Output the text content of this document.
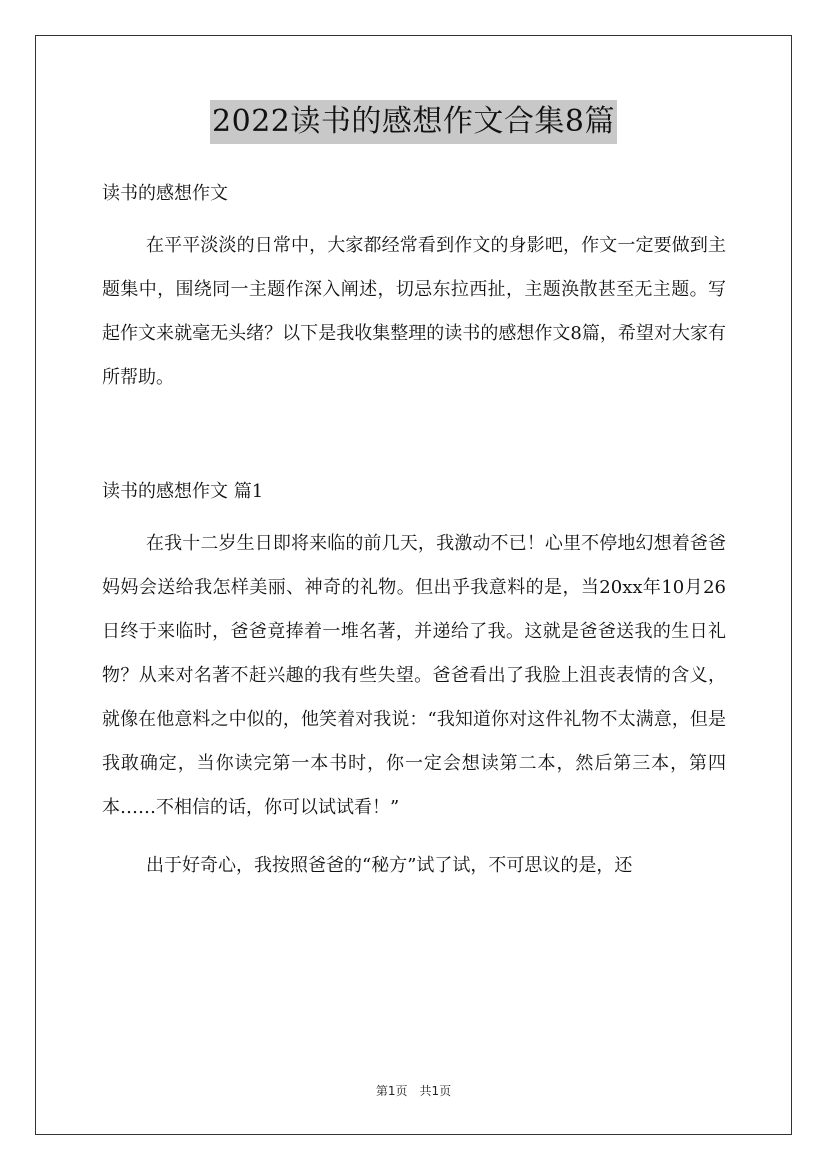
2022读书的感想作文合集8篇

读书的感想作文

在平平淡淡的日常中，大家都经常看到作文的身影吧，作文一定要做到主题集中，围绕同一主题作深入阐述，切忌东拉西扯，主题涣散甚至无主题。写起作文来就毫无头绪？以下是我收集整理的读书的感想作文8篇，希望对大家有所帮助。

读书的感想作文 篇1

在我十二岁生日即将来临的前几天，我激动不已！心里不停地幻想着爸爸妈妈会送给我怎样美丽、神奇的礼物。但出乎我意料的是，当20xx年10月26日终于来临时，爸爸竟捧着一堆名著，并递给了我。这就是爸爸送我的生日礼物？从来对名著不赶兴趣的我有些失望。爸爸看出了我脸上沮丧表情的含义，就像在他意料之中似的，他笑着对我说：“我知道你对这件礼物不太满意，但是我敢确定，当你读完第一本书时，你一定会想读第二本，然后第三本，第四本……不相信的话，你可以试试看！”

出于好奇心，我按照爸爸的“秘方”试了试，不可思议的是，还

第1页 共1页
